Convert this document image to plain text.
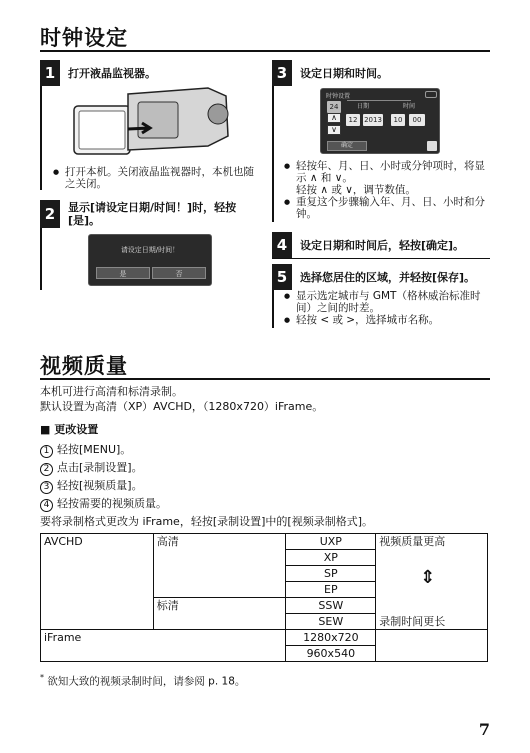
时钟设定
1	打开液晶监视器。
● 打开本机。关闭液晶监视器时，本机也随之关闭。
2	显示[请设定日期/时间！]时，轻按[是]。
请设定日期/时间！
是	否
3	设定日期和时间。
时钟设置
日期	时间
24
∧	12 2013	10	00
∨
确定
● 轻按年、月、日、小时或分钟项时，将显示 ∧ 和 ∨。
轻按 ∧ 或 ∨，调节数值。
● 重复这个步骤输入年、月、日、小时和分钟。
4	设定日期和时间后，轻按[确定]。
5	选择您居住的区域，并轻按[保存]。
● 显示选定城市与 GMT（格林威治标准时间）之间的时差。
● 轻按 < 或 >，选择城市名称。
视频质量
本机可进行高清和标清录制。
默认设置为高清（XP）AVCHD，（1280x720）iFrame。
■ 更改设置
1 轻按[MENU]。
2 点击[录制设置]。
3 轻按[视频质量]。
4 轻按需要的视频质量。
要将录制格式更改为 iFrame，轻按[录制设置]中的[视频录制格式]。
AVCHD	高清	UXP	视频质量更高
⇕
录制时间更长

		XP	
		SP	
		EP	
	标清	SSW	
		SEW	
iFrame		1280x720	
		960x540	
* 欲知大致的视频录制时间，请参阅 p. 18。
7
